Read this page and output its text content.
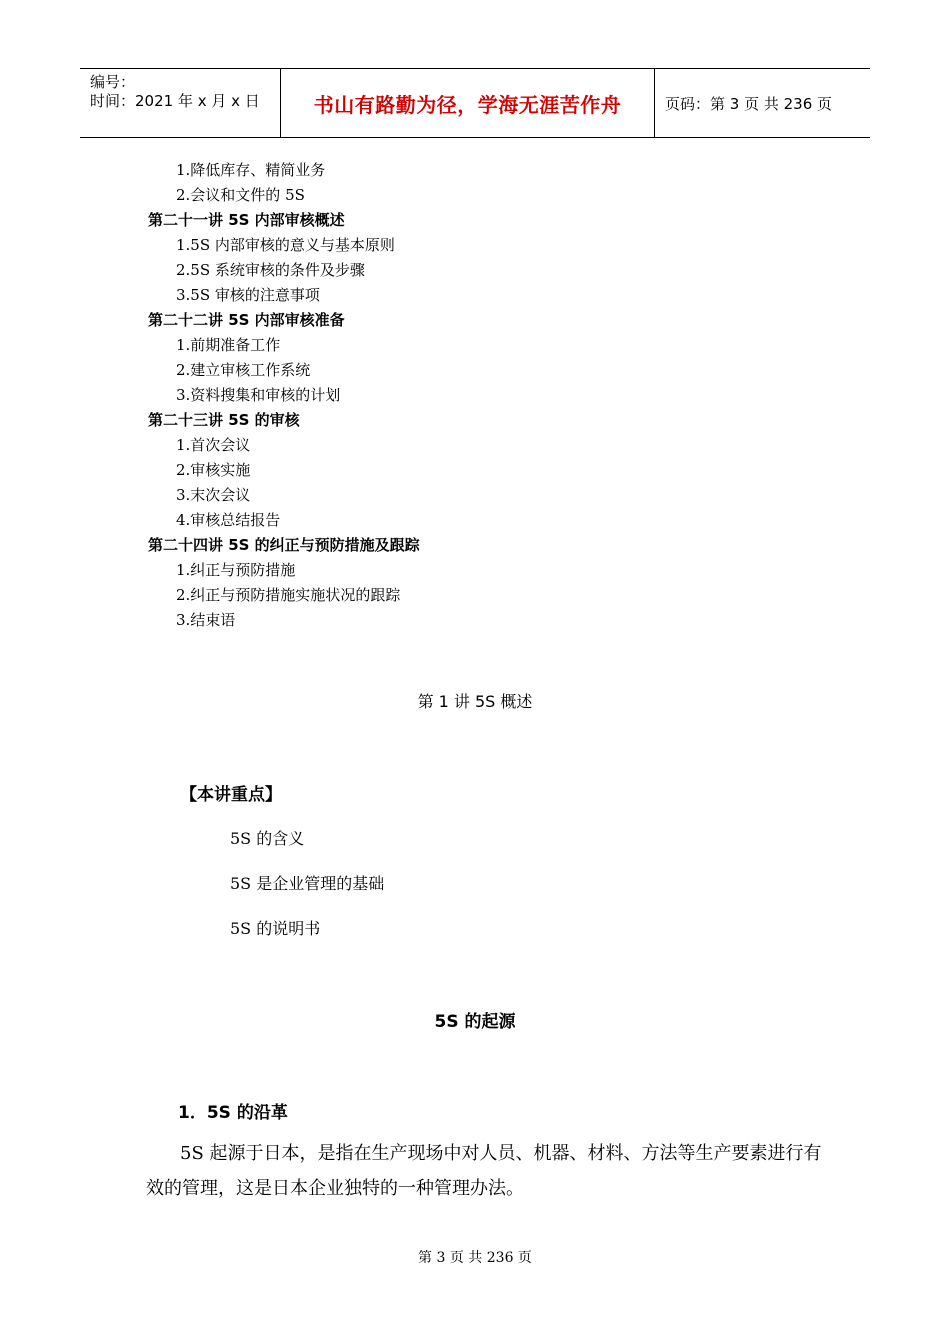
编号：
时间：2021 年 x 月 x 日	书山有路勤为径，学海无涯苦作舟	页码：第 3 页 共 236 页
1.降低库存、精简业务
2.会议和文件的 5S
第二十一讲 5S 内部审核概述
1.5S 内部审核的意义与基本原则
2.5S 系统审核的条件及步骤
3.5S 审核的注意事项
第二十二讲 5S 内部审核准备
1.前期准备工作
2.建立审核工作系统
3.资料搜集和审核的计划
第二十三讲 5S 的审核
1.首次会议
2.审核实施
3.末次会议
4.审核总结报告
第二十四讲 5S 的纠正与预防措施及跟踪
1.纠正与预防措施
2.纠正与预防措施实施状况的跟踪
3.结束语
第 1 讲 5S 概述
【本讲重点】
5S 的含义
5S 是企业管理的基础
5S 的说明书
5S 的起源
1．5S 的沿革
5S 起源于日本，是指在生产现场中对人员、机器、材料、方法等生产要素进行有效的管理，这是日本企业独特的一种管理办法。
第 3 页 共 236 页
